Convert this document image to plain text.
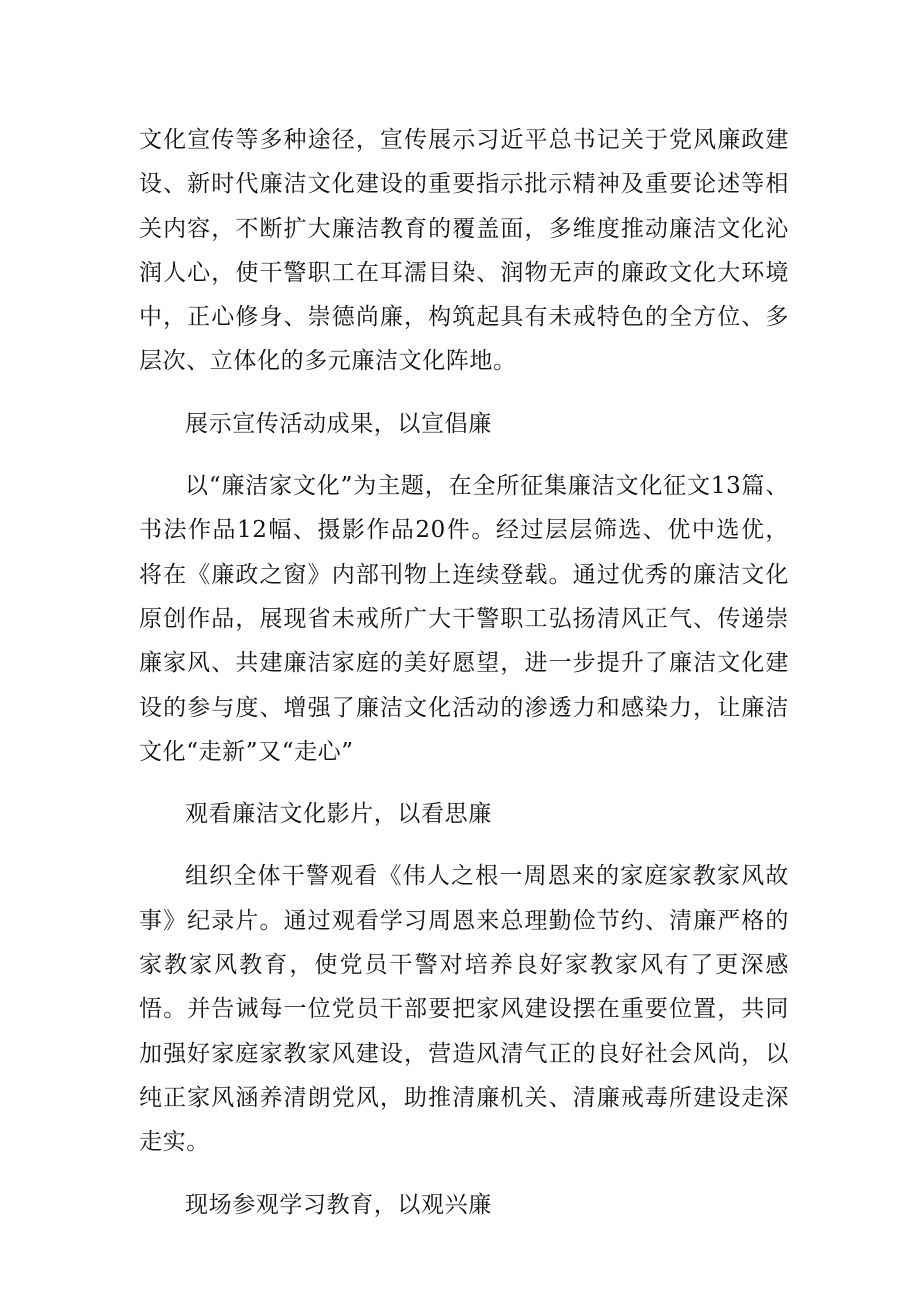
文化宣传等多种途径，宣传展示习近平总书记关于党风廉政建设、新时代廉洁文化建设的重要指示批示精神及重要论述等相关内容，不断扩大廉洁教育的覆盖面，多维度推动廉洁文化沁润人心，使干警职工在耳濡目染、润物无声的廉政文化大环境中，正心修身、崇德尚廉，构筑起具有未戒特色的全方位、多层次、立体化的多元廉洁文化阵地。

展示宣传活动成果，以宣倡廉

以“廉洁家文化”为主题，在全所征集廉洁文化征文13篇、书法作品12幅、摄影作品20件。经过层层筛选、优中选优，将在《廉政之窗》内部刊物上连续登载。通过优秀的廉洁文化原创作品，展现省未戒所广大干警职工弘扬清风正气、传递崇廉家风、共建廉洁家庭的美好愿望，进一步提升了廉洁文化建设的参与度、增强了廉洁文化活动的渗透力和感染力，让廉洁文化“走新”又“走心”

观看廉洁文化影片，以看思廉

组织全体干警观看《伟人之根一周恩来的家庭家教家风故事》纪录片。通过观看学习周恩来总理勤俭节约、清廉严格的家教家风教育，使党员干警对培养良好家教家风有了更深感悟。并告诫每一位党员干部要把家风建设摆在重要位置，共同加强好家庭家教家风建设，营造风清气正的良好社会风尚，以纯正家风涵养清朗党风，助推清廉机关、清廉戒毒所建设走深走实。

现场参观学习教育，以观兴廉
